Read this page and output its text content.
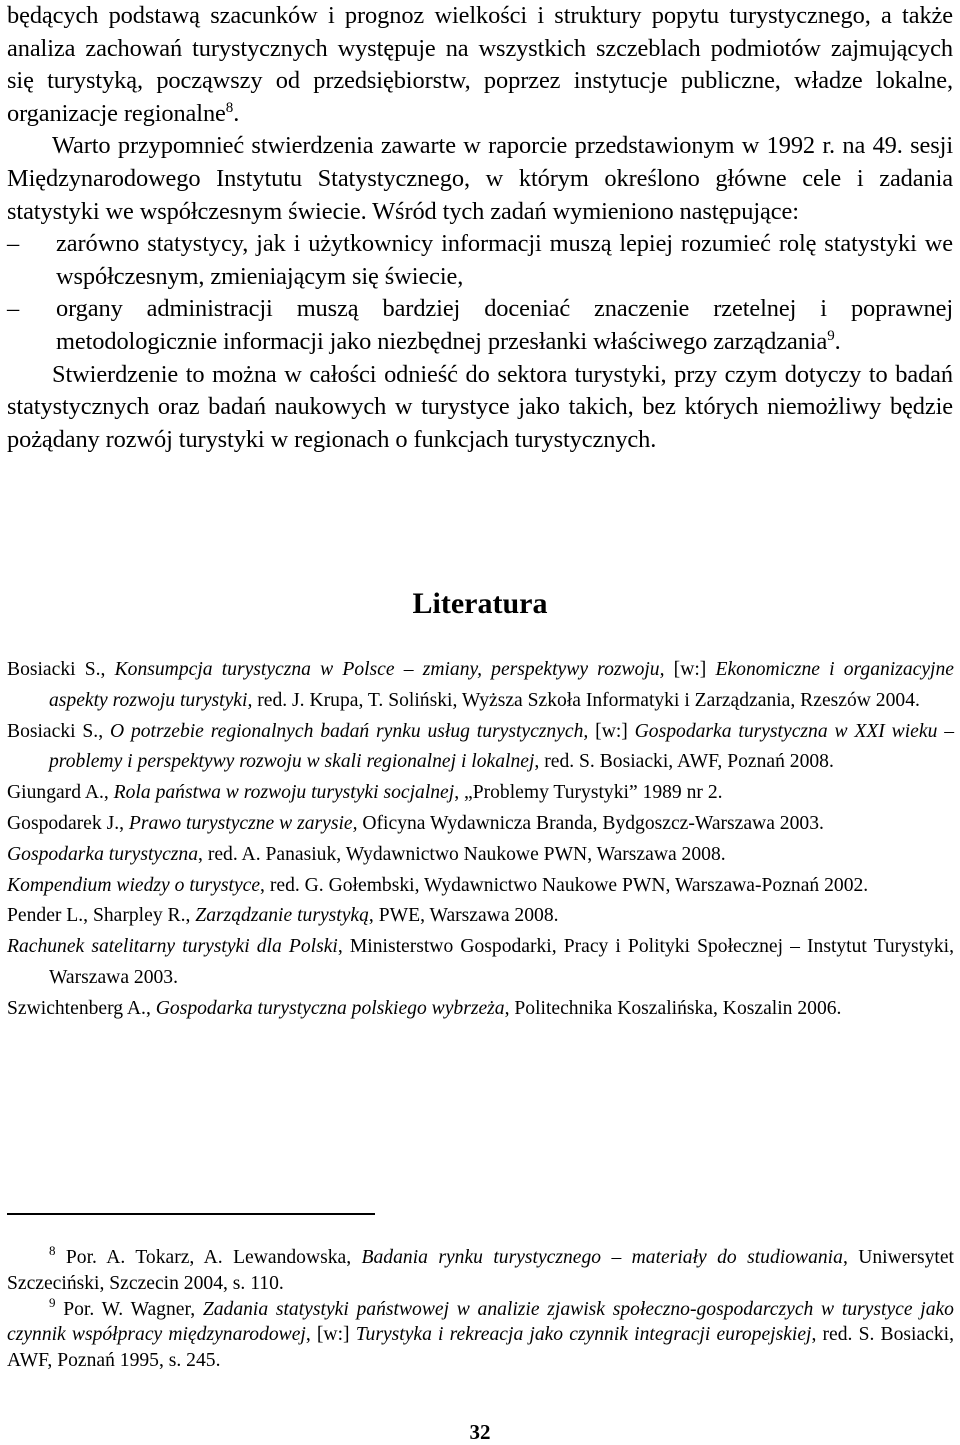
będących podstawą szacunków i prognoz wielkości i struktury popytu turystycznego, a także analiza zachowań turystycznych występuje na wszystkich szczeblach podmiotów zajmujących się turystyką, począwszy od przedsiębiorstw, poprzez instytucje publiczne, władze lokalne, organizacje regionalne$^8$.

Warto przypomnieć stwierdzenia zawarte w raporcie przedstawionym w 1992 r. na 49. sesji Międzynarodowego Instytutu Statystycznego, w którym określono główne cele i zadania statystyki we współczesnym świecie. Wśród tych zadań wymieniono następujące:

– zarówno statystycy, jak i użytkownicy informacji muszą lepiej rozumieć rolę statystyki we współczesnym, zmieniającym się świecie,
– organy administracji muszą bardziej doceniać znaczenie rzetelnej i poprawnej metodologicznie informacji jako niezbędnej przesłanki właściwego zarządzania$^9$.

Stwierdzenie to można w całości odnieść do sektora turystyki, przy czym dotyczy to badań statystycznych oraz badań naukowych w turystyce jako takich, bez których niemożliwy będzie pożądany rozwój turystyki w regionach o funkcjach turystycznych.

Literatura
Bosiacki S., Konsumpcja turystyczna w Polsce – zmiany, perspektywy rozwoju, [w:] Ekonomiczne i organizacyjne aspekty rozwoju turystyki, red. J. Krupa, T. Soliński, Wyższa Szkoła Informatyki i Zarządzania, Rzeszów 2004.
Bosiacki S., O potrzebie regionalnych badań rynku usług turystycznych, [w:] Gospodarka turystyczna w XXI wieku – problemy i perspektywy rozwoju w skali regionalnej i lokalnej, red. S. Bosiacki, AWF, Poznań 2008.
Giungard A., Rola państwa w rozwoju turystyki socjalnej, „Problemy Turystyki” 1989 nr 2.
Gospodarek J., Prawo turystyczne w zarysie, Oficyna Wydawnicza Branda, Bydgoszcz-Warszawa 2003.
Gospodarka turystyczna, red. A. Panasiuk, Wydawnictwo Naukowe PWN, Warszawa 2008.
Kompendium wiedzy o turystyce, red. G. Gołembski, Wydawnictwo Naukowe PWN, Warszawa-Poznań 2002.
Pender L., Sharpley R., Zarządzanie turystyką, PWE, Warszawa 2008.
Rachunek satelitarny turystyki dla Polski, Ministerstwo Gospodarki, Pracy i Polityki Społecznej – Instytut Turystyki, Warszawa 2003.
Szwichtenberg A., Gospodarka turystyczna polskiego wybrzeża, Politechnika Koszalińska, Koszalin 2006.

$^8$ Por. A. Tokarz, A. Lewandowska, Badania rynku turystycznego – materiały do studiowania, Uniwersytet Szczeciński, Szczecin 2004, s. 110.

$^9$ Por. W. Wagner, Zadania statystyki państwowej w analizie zjawisk społeczno-gospodarczych w turystyce jako czynnik współpracy międzynarodowej, [w:] Turystyka i rekreacja jako czynnik integracji europejskiej, red. S. Bosiacki, AWF, Poznań 1995, s. 245.

32
